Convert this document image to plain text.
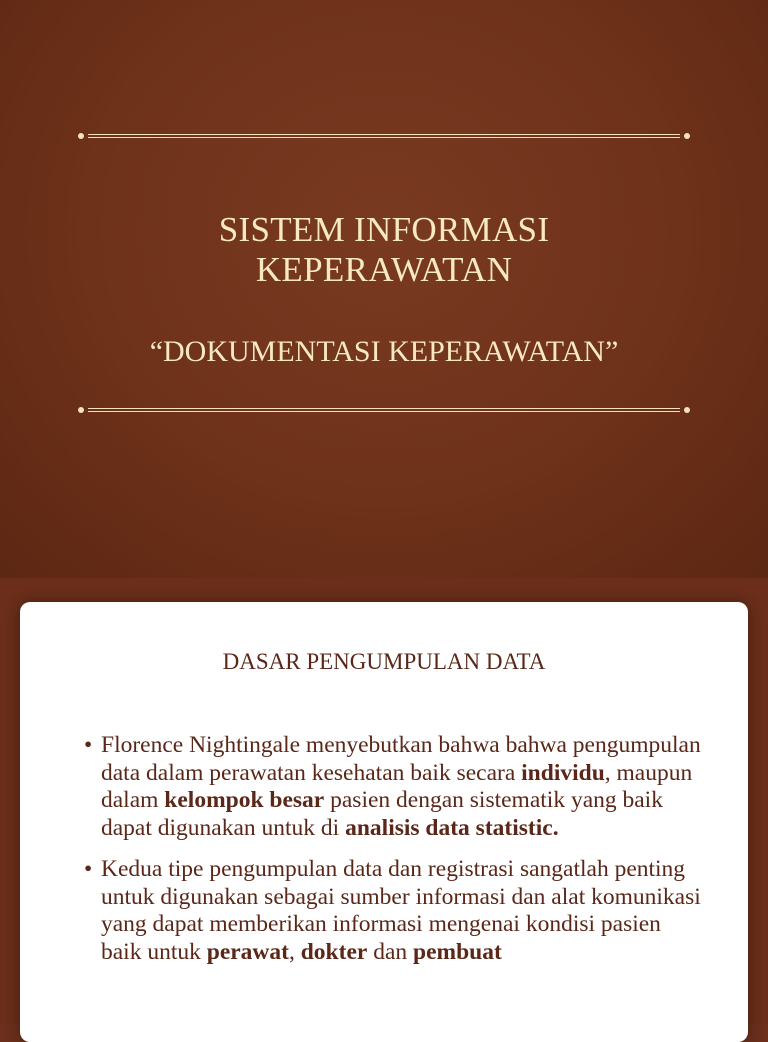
SISTEM INFORMASI
KEPERAWATAN
“DOKUMENTASI KEPERAWATAN”
DASAR PENGUMPULAN DATA
• Florence Nightingale menyebutkan bahwa bahwa pengumpulan data dalam perawatan kesehatan baik secara individu, maupun dalam kelompok besar pasien dengan sistematik yang baik dapat digunakan untuk di analisis data statistic.
• Kedua tipe pengumpulan data dan registrasi sangatlah penting untuk digunakan sebagai sumber informasi dan alat komunikasi yang dapat memberikan informasi mengenai kondisi pasien baik untuk perawat, dokter dan pembuat
